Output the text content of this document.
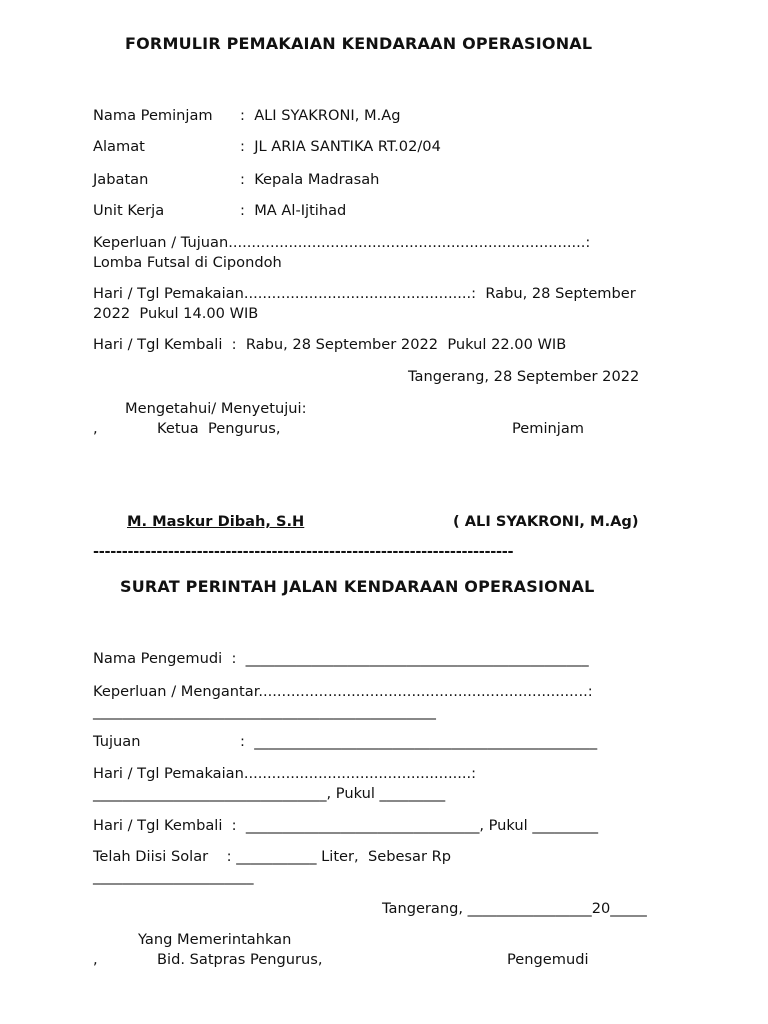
FORMULIR PEMAKAIAN KENDARAAN OPERASIONAL
Nama Peminjam :  ALI SYAKRONI, M.Ag
Alamat	:  JL ARIA SANTIKA RT.02/04
Jabatan	:  Kepala Madrasah
Unit Kerja	:  MA Al-Ijtihad
Keperluan / Tujuan.............................................................................:
Lomba Futsal di Cipondoh
Hari / Tgl Pemakaian.................................................:  Rabu, 28 September
2022  Pukul 14.00 WIB
Hari / Tgl Kembali  :  Rabu, 28 September 2022  Pukul 22.00 WIB
Tangerang, 28 September 2022
Mengetahui/ Menyetujui:
,	Ketua  Pengurus,	Peminjam
M. Maskur Dibah, S.H	( ALI SYAKRONI, M.Ag)
-------------------------------------------------------------------------
SURAT PERINTAH JALAN KENDARAAN OPERASIONAL
Nama Pengemudi  :  _______________________________________________
Keperluan / Mengantar.......................................................................:
_______________________________________________
Tujuan	:  _______________________________________________
Hari / Tgl Pemakaian.................................................:
________________________________, Pukul _________
Hari / Tgl Kembali  :  ________________________________, Pukul _________
Telah Diisi Solar    : ___________ Liter,  Sebesar Rp
______________________
Tangerang, _________________20_____
Yang Memerintahkan
,	Bid. Satpras Pengurus,	Pengemudi
